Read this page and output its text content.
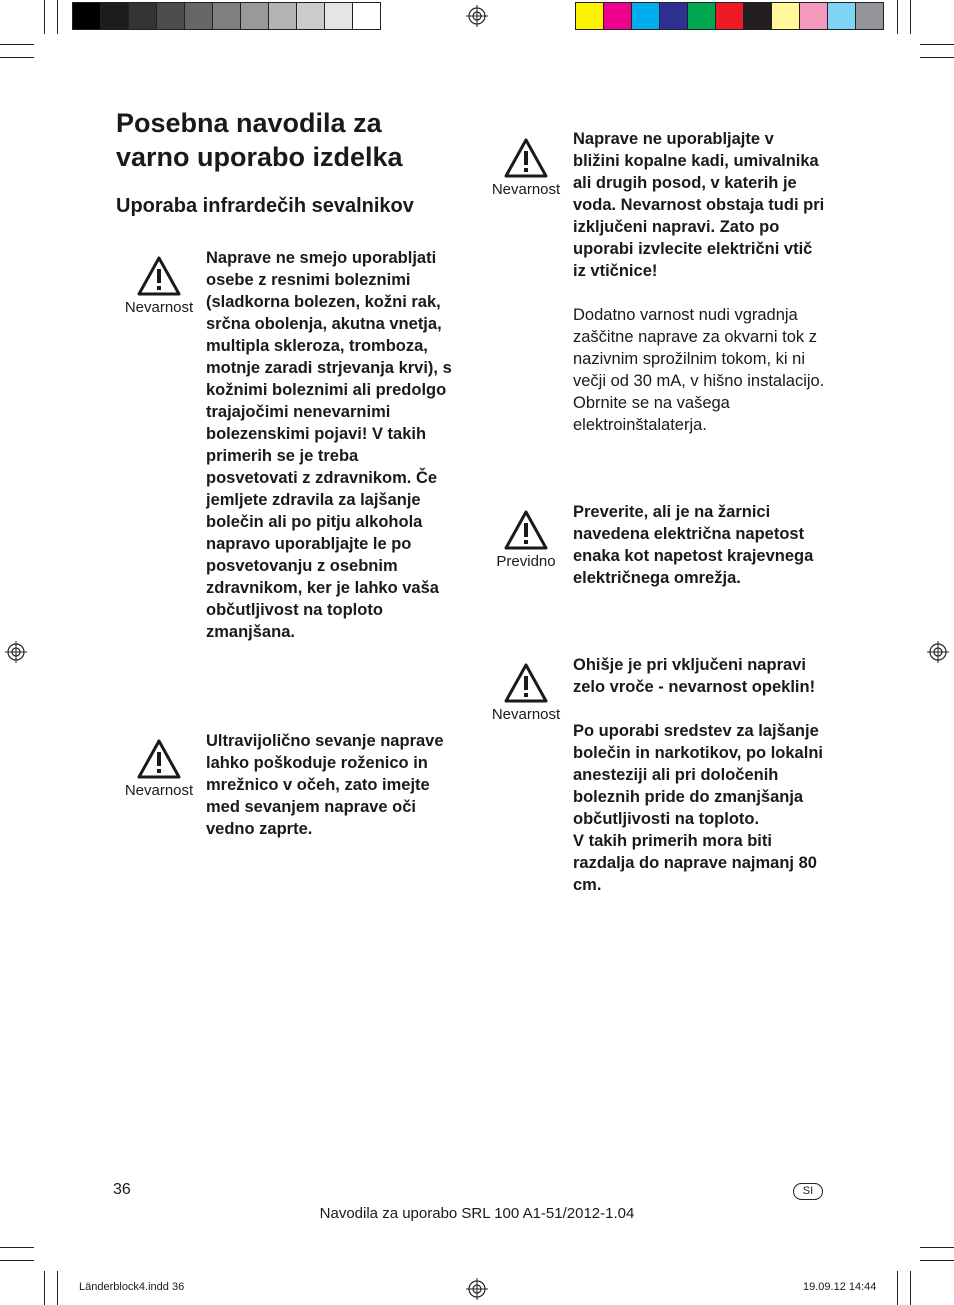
Posebna navodila za varno uporabo izdelka
Uporaba infrardečih sevalnikov
Nevarnost

Naprave ne smejo uporabljati osebe z resnimi boleznimi (sladkorna bolezen, kožni rak, srčna obolenja, akutna vnetja, multipla skleroza, tromboza, motnje zaradi strjevanja krvi), s kožnimi boleznimi ali predolgo trajajočimi nenevarnimi bolezenskimi pojavi! V takih primerih se je treba posvetovati z zdravnikom. Če jemljete zdravila za lajšanje bolečin ali po pitju alkohola napravo uporabljajte le po posvetovanju z osebnim zdravnikom, ker je lahko vaša občutljivost na toploto zmanjšana.

Nevarnost

Ultravijolično sevanje naprave lahko poškoduje roženico in mrežnico v očeh, zato imejte med sevanjem naprave oči vedno zaprte.

Nevarnost

Naprave ne uporabljajte v bližini kopalne kadi, umivalnika ali drugih posod, v katerih je voda. Nevarnost obstaja tudi pri izključeni napravi. Zato po uporabi izvlecite električni vtič iz vtičnice!

Dodatno varnost nudi vgradnja zaščitne naprave za okvarni tok z nazivnim sprožilnim tokom, ki ni večji od 30 mA, v hišno instalacijo. Obrnite se na vašega elektroinštalaterja.

Previdno

Preverite, ali je na žarnici navedena električna napetost enaka kot napetost krajevnega električnega omrežja.

Nevarnost

Ohišje je pri vključeni napravi zelo vroče - nevarnost opeklin!

Po uporabi sredstev za lajšanje bolečin in narkotikov, po lokalni anesteziji ali pri določenih boleznih pride do zmanjšanja občutljivosti na toploto.

V takih primerih mora biti razdalja do naprave najmanj 80 cm.

36	SI
Navodila za uporabo SRL 100 A1-51/2012-1.04
Länderblock4.indd 36	19.09.12 14:44
